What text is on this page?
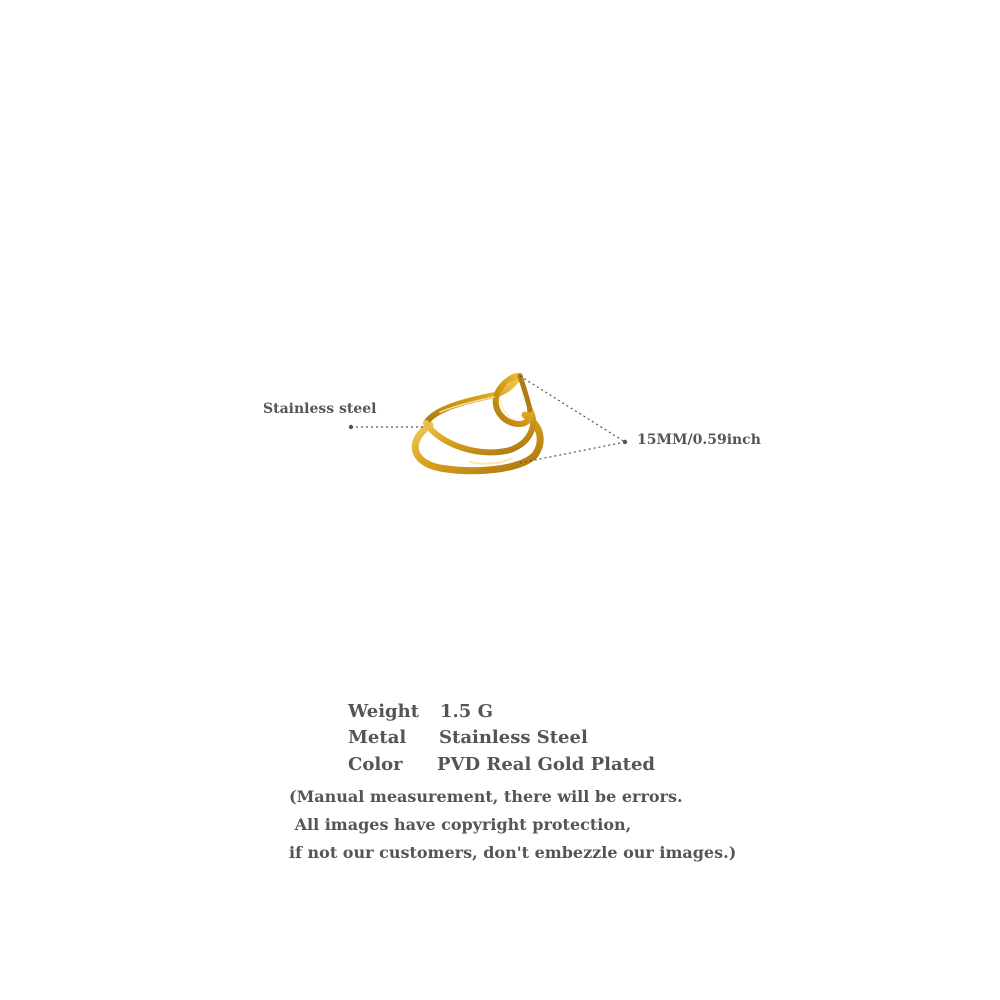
Stainless steel
15MM/0.59inch
Weight 1.5 G
Metal Stainless Steel
Color PVD Real Gold Plated
(Manual measurement, there will be errors.
All images have copyright protection,
if not our customers, don't embezzle our images.)
